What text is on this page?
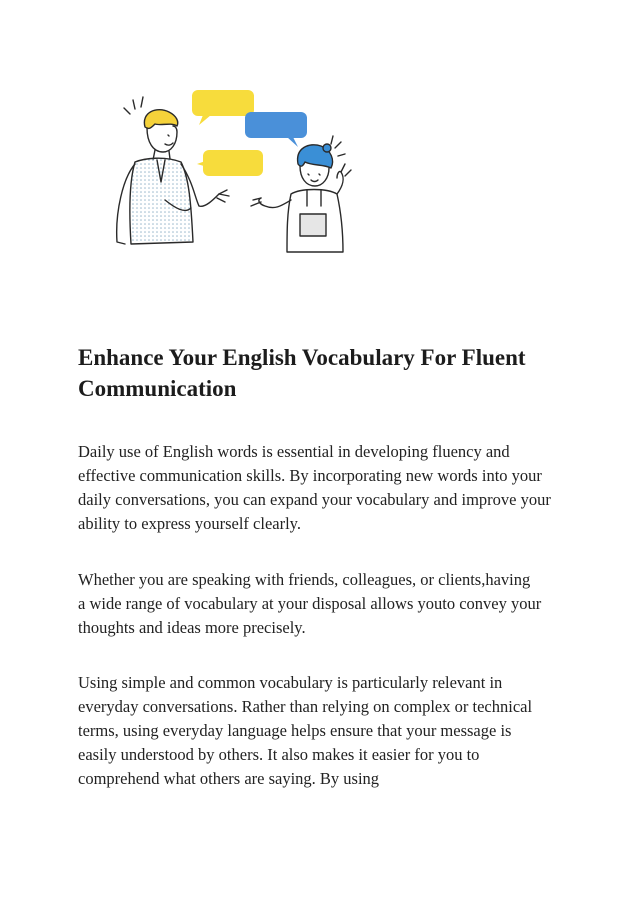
Enhance Your English Vocabulary For Fluent
Communication

Daily use of English words is essential in developing fluency and
effective communication skills. By incorporating new words into your
daily conversations, you can expand your vocabulary and improve your
ability to express yourself clearly.

Whether you are speaking with friends, colleagues, or clients,having
a wide range of vocabulary at your disposal allows youto convey your
thoughts and ideas more precisely.

Using simple and common vocabulary is particularly relevant in
everyday conversations. Rather than relying on complex or technical
terms, using everyday language helps ensure that your message is
easily understood by others. It also makes it easier for you to
comprehend what others are saying. By using
